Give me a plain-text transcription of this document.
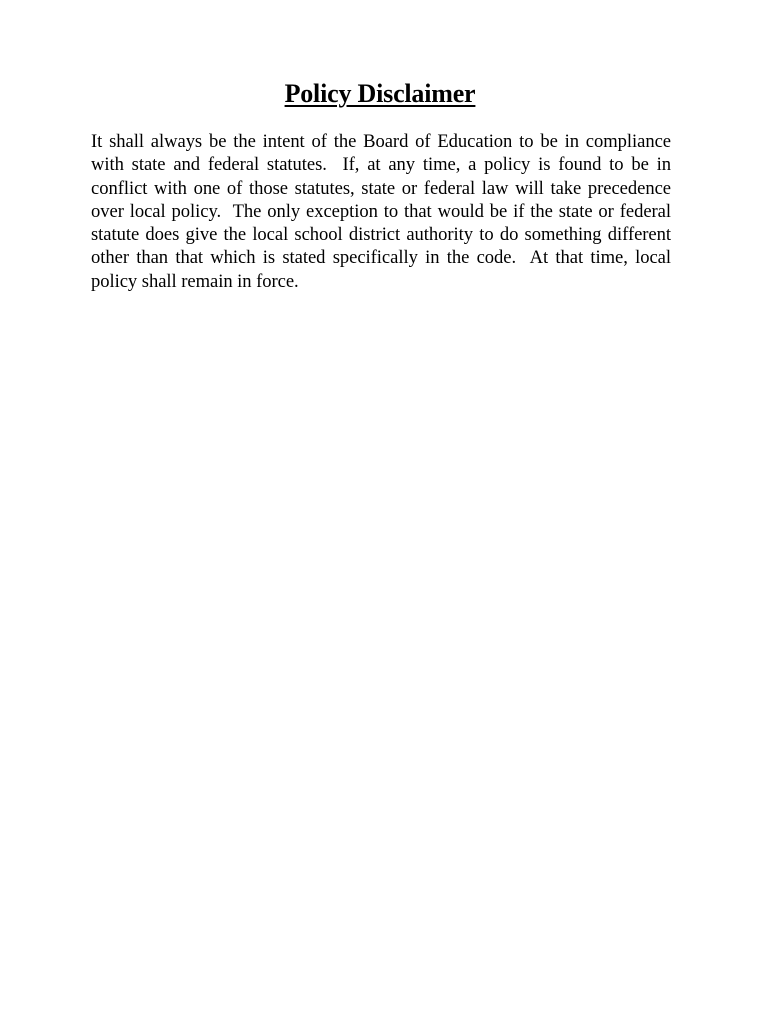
Policy Disclaimer

It shall always be the intent of the Board of Education to be in compliance with state and federal statutes.  If, at any time, a policy is found to be in conflict with one of those statutes, state or federal law will take precedence over local policy.  The only exception to that would be if the state or federal statute does give the local school district authority to do something different other than that which is stated specifically in the code.  At that time, local policy shall remain in force.
